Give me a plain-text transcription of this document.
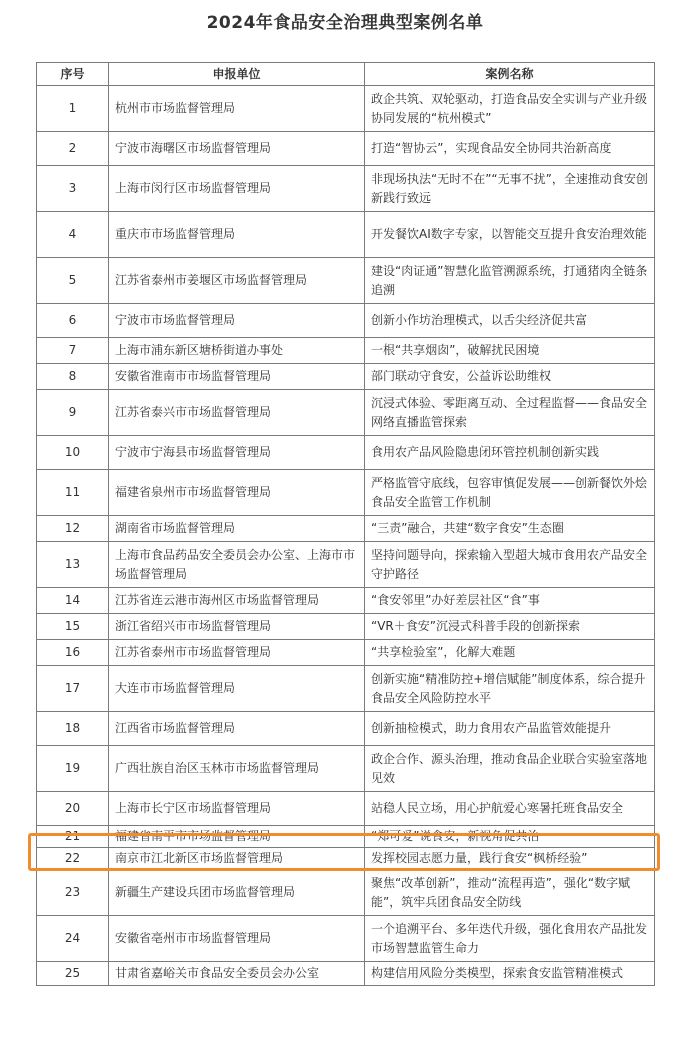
2024年食品安全治理典型案例名单
序号	申报单位	案例名称
1	杭州市市场监督管理局	政企共筑、双轮驱动，打造食品安全实训与产业升级协同发展的“杭州模式”
2	宁波市海曙区市场监督管理局	打造“智协云”，实现食品安全协同共治新高度
3	上海市闵行区市场监督管理局	非现场执法“无时不在”“无事不扰”，全速推动食安创新践行致远
4	重庆市市场监督管理局	开发餐饮AI数字专家，以智能交互提升食安治理效能
5	江苏省泰州市姜堰区市场监督管理局	建设“肉证通”智慧化监管溯源系统，打通猪肉全链条追溯
6	宁波市市场监督管理局	创新小作坊治理模式，以舌尖经济促共富
7	上海市浦东新区塘桥街道办事处	一根“共享烟囱”，破解扰民困境
8	安徽省淮南市市场监督管理局	部门联动守食安，公益诉讼助维权
9	江苏省泰兴市市场监督管理局	沉浸式体验、零距离互动、全过程监督——食品安全网络直播监管探索
10	宁波市宁海县市场监督管理局	食用农产品风险隐患闭环管控机制创新实践
11	福建省泉州市市场监督管理局	严格监管守底线，包容审慎促发展——创新餐饮外烩食品安全监管工作机制
12	湖南省市场监督管理局	“三责”融合，共建“数字食安”生态圈
13	上海市食品药品安全委员会办公室、上海市市场监督管理局	坚持问题导向，探索输入型超大城市食用农产品安全守护路径
14	江苏省连云港市海州区市场监督管理局	“食安邻里”办好差层社区“食”事
15	浙江省绍兴市市场监督管理局	“VR＋食安”沉浸式科普手段的创新探索
16	江苏省泰州市市场监督管理局	“共享检验室”，化解大难题
17	大连市市场监督管理局	创新实施“精准防控+增信赋能”制度体系，综合提升食品安全风险防控水平
18	江西省市场监督管理局	创新抽检模式，助力食用农产品监管效能提升
19	广西壮族自治区玉林市市场监督管理局	政企合作、源头治理，推动食品企业联合实验室落地见效
20	上海市长宁区市场监督管理局	站稳人民立场，用心护航爱心寒暑托班食品安全
21	福建省南平市市场监督管理局	“郑可爱”说食安，新视角促共治
22	南京市江北新区市场监督管理局	发挥校园志愿力量，践行食安“枫桥经验”
23	新疆生产建设兵团市场监督管理局	聚焦“改革创新”，推动“流程再造”，强化“数字赋能”，筑牢兵团食品安全防线
24	安徽省亳州市市场监督管理局	一个追溯平台、多年迭代升级，强化食用农产品批发市场智慧监管生命力
25	甘肃省嘉峪关市食品安全委员会办公室	构建信用风险分类模型，探索食安监管精准模式
